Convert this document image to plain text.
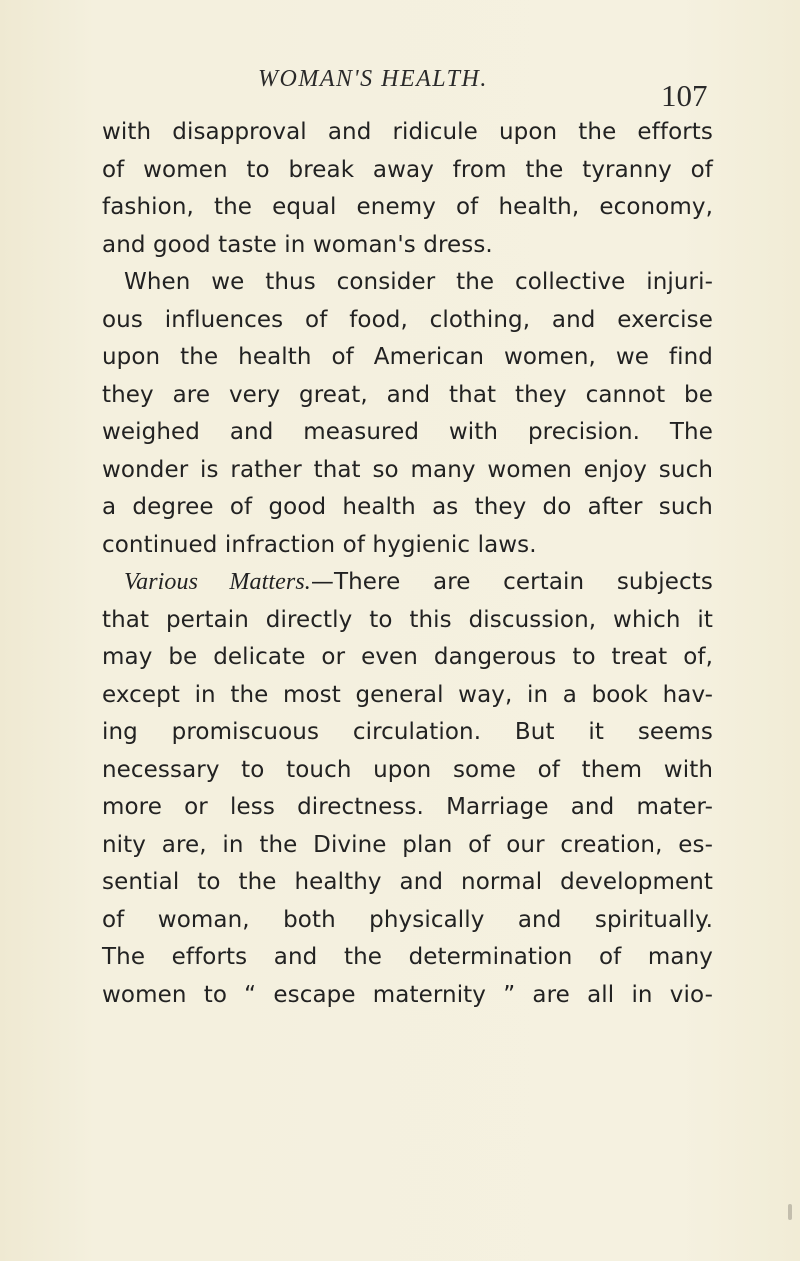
WOMAN'S HEALTH.	107
with disapproval and ridicule upon the efforts
of women to break away from the tyranny of
fashion, the equal enemy of health, economy,
and good taste in woman's dress.
When we thus consider the collective injuri-
ous influences of food, clothing, and exercise
upon the health of American women, we find
they are very great, and that they cannot be
weighed and measured with precision. The
wonder is rather that so many women enjoy such
a degree of good health as they do after such
continued infraction of hygienic laws.
Various Matters.—There are certain subjects
that pertain directly to this discussion, which it
may be delicate or even dangerous to treat of,
except in the most general way, in a book hav-
ing promiscuous circulation. But it seems
necessary to touch upon some of them with
more or less directness. Marriage and mater-
nity are, in the Divine plan of our creation, es-
sential to the healthy and normal development
of woman, both physically and spiritually.
The efforts and the determination of many
women to “ escape maternity ” are all in vio-
